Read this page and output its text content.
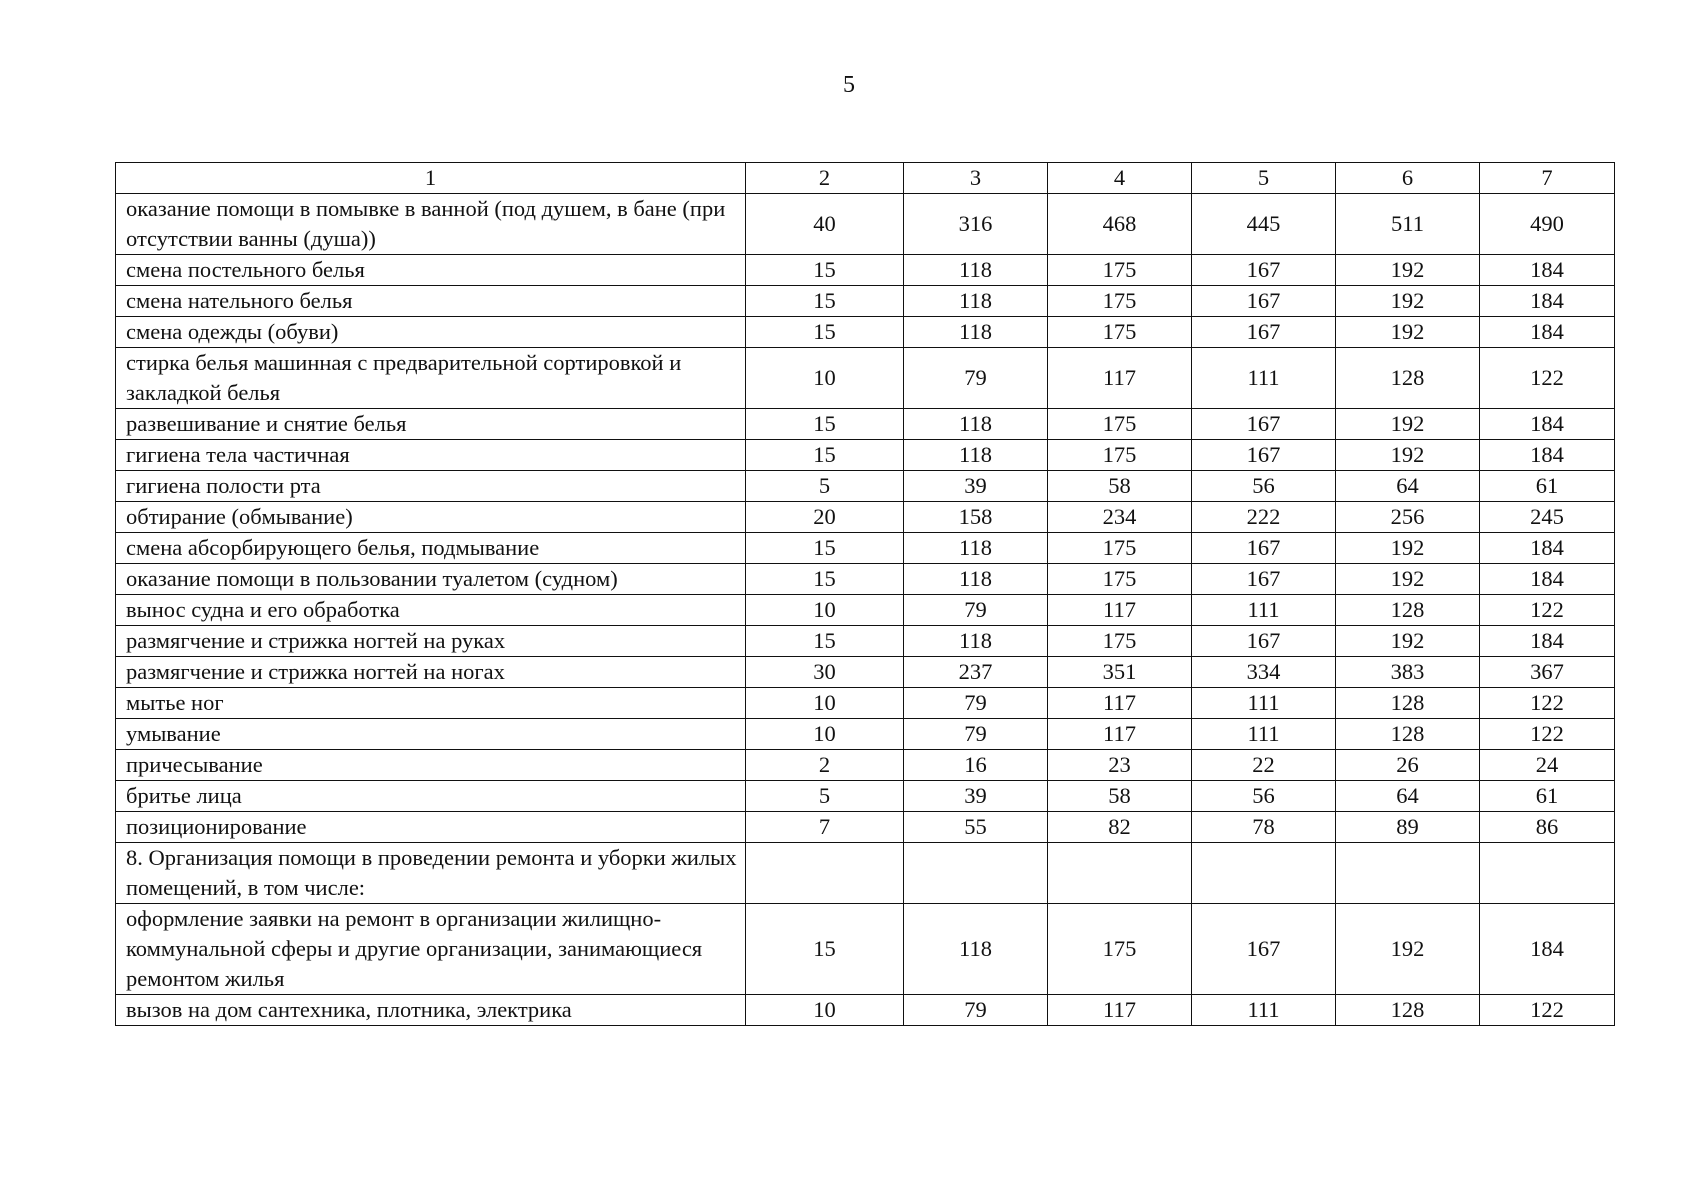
5
1	2	3	4	5	6	7
оказание помощи в помывке в ванной (под душем, в бане (при отсутствии ванны (душа))	40	316	468	445	511	490
смена постельного белья	15	118	175	167	192	184
смена нательного белья	15	118	175	167	192	184
смена одежды (обуви)	15	118	175	167	192	184
стирка белья машинная с предварительной сортировкой и закладкой белья	10	79	117	111	128	122
развешивание и снятие белья	15	118	175	167	192	184
гигиена тела частичная	15	118	175	167	192	184
гигиена полости рта	5	39	58	56	64	61
обтирание (обмывание)	20	158	234	222	256	245
смена абсорбирующего белья, подмывание	15	118	175	167	192	184
оказание помощи в пользовании туалетом (судном)	15	118	175	167	192	184
вынос судна и его обработка	10	79	117	111	128	122
размягчение и стрижка ногтей на руках	15	118	175	167	192	184
размягчение и стрижка ногтей на ногах	30	237	351	334	383	367
мытье ног	10	79	117	111	128	122
умывание	10	79	117	111	128	122
причесывание	2	16	23	22	26	24
бритье лица	5	39	58	56	64	61
позиционирование	7	55	82	78	89	86
8. Организация помощи в проведении ремонта и уборки жилых помещений, в том числе:						
оформление заявки на ремонт в организации жилищно-коммунальной сферы и другие организации, занимающиеся ремонтом жилья	15	118	175	167	192	184
вызов на дом сантехника, плотника, электрика	10	79	117	111	128	122
